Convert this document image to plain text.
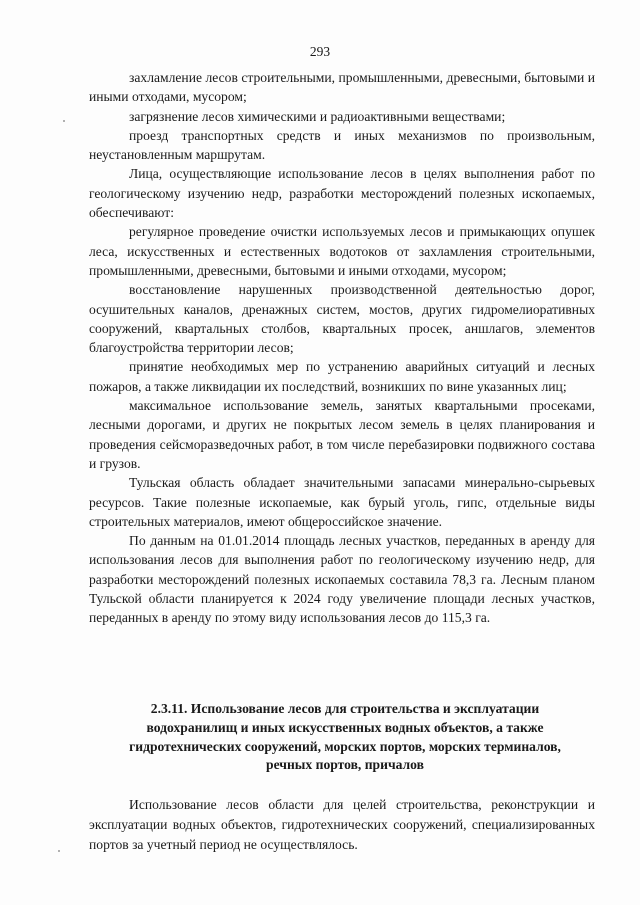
293

захламление лесов строительными, промышленными, древесными, бытовыми и иными отходами, мусором;

загрязнение лесов химическими и радиоактивными веществами;

проезд транспортных средств и иных механизмов по произвольным, неустановленным маршрутам.

Лица, осуществляющие использование лесов в целях выполнения работ по геологическому изучению недр, разработки месторождений полезных ископаемых, обеспечивают:

регулярное проведение очистки используемых лесов и примыкающих опушек леса, искусственных и естественных водотоков от захламления строительными, промышленными, древесными, бытовыми и иными отходами, мусором;

восстановление нарушенных производственной деятельностью дорог, осушительных каналов, дренажных систем, мостов, других гидромелиоративных сооружений, квартальных столбов, квартальных просек, аншлагов, элементов благоустройства территории лесов;

принятие необходимых мер по устранению аварийных ситуаций и лесных пожаров, а также ликвидации их последствий, возникших по вине указанных лиц;

максимальное использование земель, занятых квартальными просеками, лесными дорогами, и других не покрытых лесом земель в целях планирования и проведения сейсморазведочных работ, в том числе перебазировки подвижного состава и грузов.

Тульская область обладает значительными запасами минерально-сырьевых ресурсов. Такие полезные ископаемые, как бурый уголь, гипс, отдельные виды строительных материалов, имеют общероссийское значение.

По данным на 01.01.2014 площадь лесных участков, переданных в аренду для использования лесов для выполнения работ по геологическому изучению недр, для разработки месторождений полезных ископаемых составила 78,3 га. Лесным планом Тульской области планируется к 2024 году увеличение площади лесных участков, переданных в аренду по этому виду использования лесов до 115,3 га.

2.3.11. Использование лесов для строительства и эксплуатации водохранилищ и иных искусственных водных объектов, а также гидротехнических сооружений, морских портов, морских терминалов, речных портов, причалов

Использование лесов области для целей строительства, реконструкции и эксплуатации водных объектов, гидротехнических сооружений, специализированных портов за учетный период не осуществлялось.
